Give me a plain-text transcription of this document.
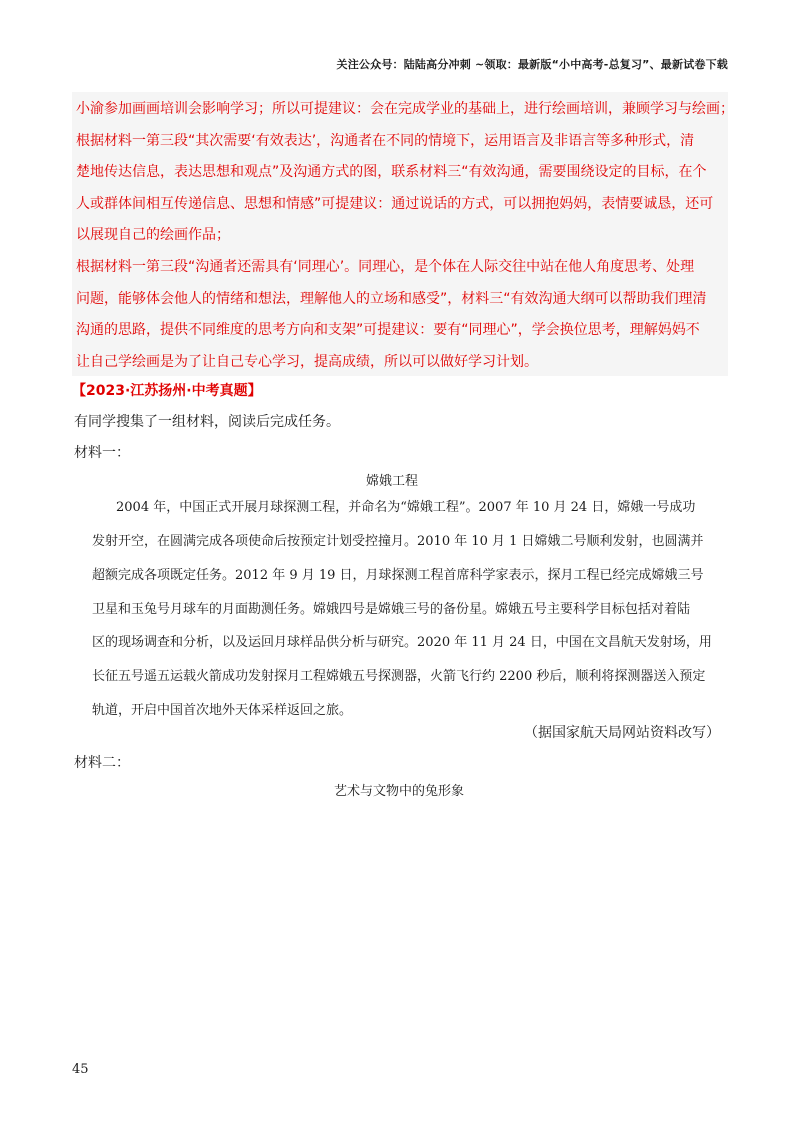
关注公众号：陆陆高分冲刺 ~领取：最新版“小中高考-总复习”、最新试卷下载
小渝参加画画培训会影响学习；所以可提建议：会在完成学业的基础上，进行绘画培训，兼顾学习与绘画；
根据材料一第三段“其次需要‘有效表达’，沟通者在不同的情境下，运用语言及非语言等多种形式，清
楚地传达信息，表达思想和观点”及沟通方式的图，联系材料三“有效沟通，需要围绕设定的目标，在个
人或群体间相互传递信息、思想和情感”可提建议：通过说话的方式，可以拥抱妈妈，表情要诚恳，还可
以展现自己的绘画作品；
根据材料一第三段“沟通者还需具有‘同理心’。同理心，是个体在人际交往中站在他人角度思考、处理
问题，能够体会他人的情绪和想法，理解他人的立场和感受”，材料三“有效沟通大纲可以帮助我们理清
沟通的思路，提供不同维度的思考方向和支架”可提建议：要有“同理心”，学会换位思考，理解妈妈不
让自己学绘画是为了让自己专心学习，提高成绩，所以可以做好学习计划。
【2023·江苏扬州·中考真题】
有同学搜集了一组材料，阅读后完成任务。
材料一：
嫦娥工程
2004 年，中国正式开展月球探测工程，并命名为“嫦娥工程”。2007 年 10 月 24 日，嫦娥一号成功
发射开空，在圆满完成各项使命后按预定计划受控撞月。2010 年 10 月 1 日嫦娥二号顺利发射，也圆满并
超额完成各项既定任务。2012 年 9 月 19 日，月球探测工程首席科学家表示，探月工程已经完成嫦娥三号
卫星和玉兔号月球车的月面勘测任务。嫦娥四号是嫦娥三号的备份星。嫦娥五号主要科学目标包括对着陆
区的现场调查和分析，以及运回月球样品供分析与研究。2020 年 11 月 24 日，中国在文昌航天发射场，用
长征五号遥五运载火箭成功发射探月工程嫦娥五号探测器，火箭飞行约 2200 秒后，顺利将探测器送入预定
轨道，开启中国首次地外天体采样返回之旅。
（据国家航天局网站资料改写）
材料二：
艺术与文物中的兔形象
45
